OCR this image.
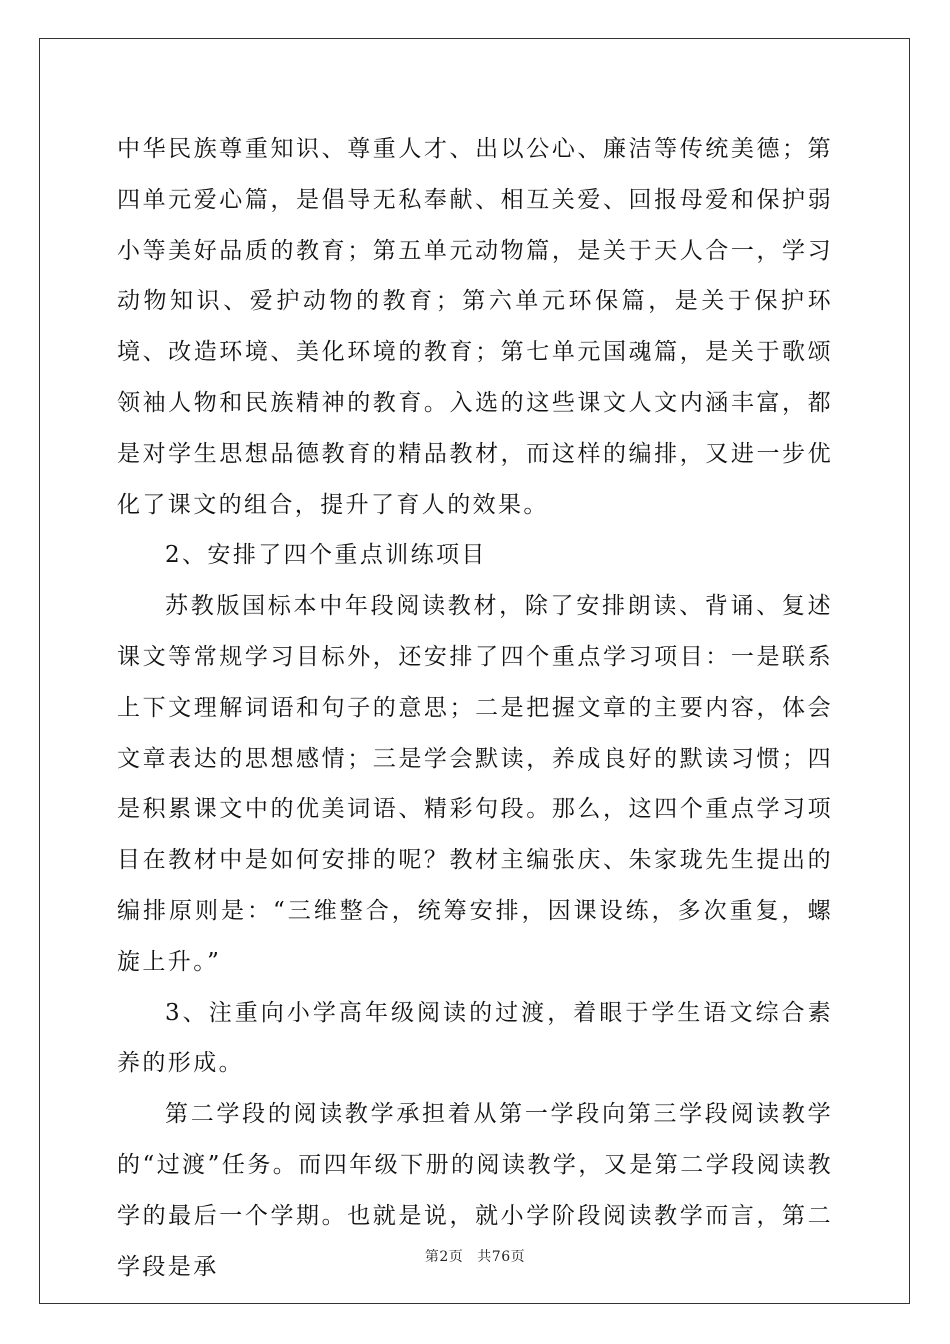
中华民族尊重知识、尊重人才、出以公心、廉洁等传统美德；第四单元爱心篇，是倡导无私奉献、相互关爱、回报母爱和保护弱小等美好品质的教育；第五单元动物篇，是关于天人合一，学习动物知识、爱护动物的教育；第六单元环保篇，是关于保护环境、改造环境、美化环境的教育；第七单元国魂篇，是关于歌颂领袖人物和民族精神的教育。入选的这些课文人文内涵丰富，都是对学生思想品德教育的精品教材，而这样的编排，又进一步优化了课文的组合，提升了育人的效果。

2、安排了四个重点训练项目

苏教版国标本中年段阅读教材，除了安排朗读、背诵、复述课文等常规学习目标外，还安排了四个重点学习项目：一是联系上下文理解词语和句子的意思；二是把握文章的主要内容，体会文章表达的思想感情；三是学会默读，养成良好的默读习惯；四是积累课文中的优美词语、精彩句段。那么，这四个重点学习项目在教材中是如何安排的呢？教材主编张庆、朱家珑先生提出的编排原则是：“三维整合，统筹安排，因课设练，多次重复，螺旋上升。”

3、注重向小学高年级阅读的过渡，着眼于学生语文综合素养的形成。

第二学段的阅读教学承担着从第一学段向第三学段阅读教学的“过渡”任务。而四年级下册的阅读教学，又是第二学段阅读教学的最后一个学期。也就是说，就小学阶段阅读教学而言，第二学段是承	第2页 共76页
